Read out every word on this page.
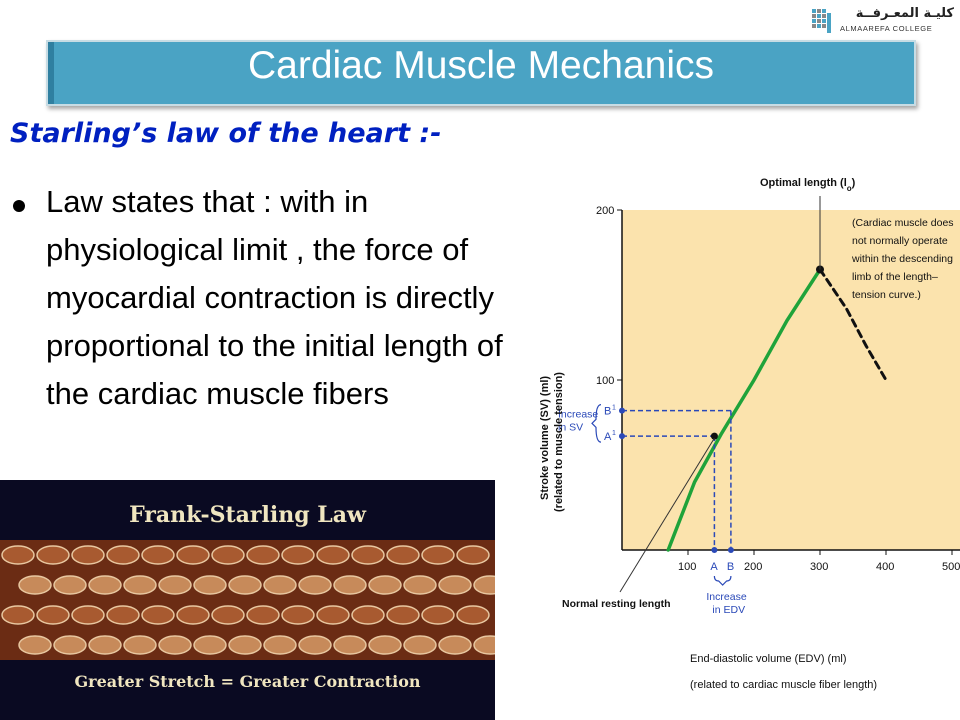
كليـة المعـرفــة
ALMAAREFA COLLEGE
Cardiac Muscle Mechanics
Starling’s law of the heart :-
Law states that : with in physiological limit , the force of myocardial contraction is directly proportional to the initial length of the cardiac muscle fibers
Frank-Starling Law
Greater Stretch = Greater Contraction
100
200
100	200	300	400	500
Optimal length $(l_o)$
(Cardiac muscle does
not normally operate
within the descending
limb of the length–
tension curve.)
A B
B 1
A 1
Increase
in SV
Increase
in EDV
Normal resting length
End-diastolic volume (EDV) (ml)
(related to cardiac muscle fiber length)
Stroke volume (SV) (ml) (related to muscle tension)
